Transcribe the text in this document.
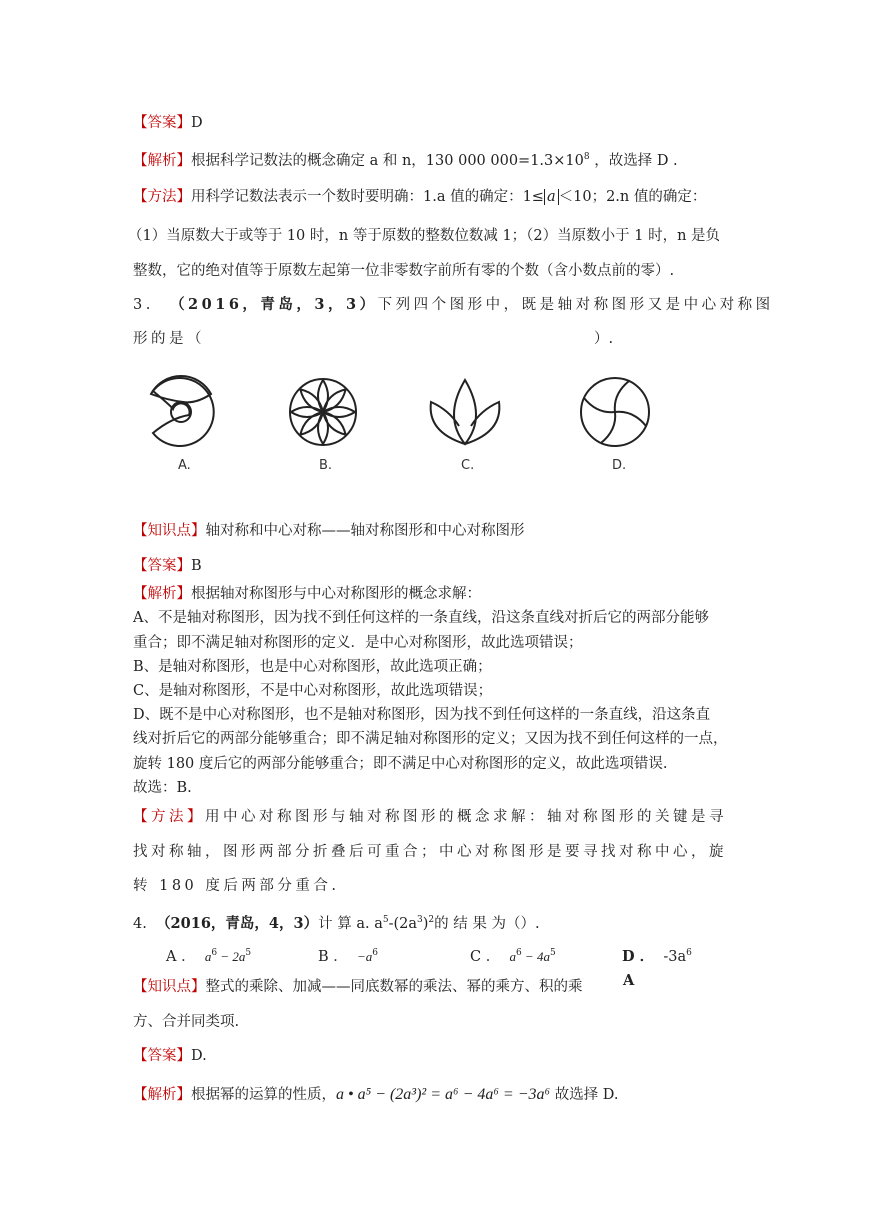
【答案】D
【解析】根据科学记数法的概念确定 a 和 n，130 000 $000=1.3\times 10^8$ ，故选择 D .
【方法】用科学记数法表示一个数时要明确：1.a 值的确定：1≤ a ＜10；2.n 值的确定：
（1）当原数大于或等于 10 时，n 等于原数的整数位数减 1；（2）当原数小于 1 时，n 是负
整数，它的绝对值等于原数左起第一位非零数字前所有零的个数（含小数点前的零）.
3. （2016，青岛，3，3）下列四个图形中，既是轴对称图形又是中心对称图
形的是（	）.
A.	B.	C.	D.
【知识点】轴对称和中心对称——轴对称图形和中心对称图形
【答案】B
【解析】根据轴对称图形与中心对称图形的概念求解：
A、不是轴对称图形，因为找不到任何这样的一条直线，沿这条直线对折后它的两部分能够
重合；即不满足轴对称图形的定义．是中心对称图形，故此选项错误；
B、是轴对称图形，也是中心对称图形，故此选项正确；
C、是轴对称图形，不是中心对称图形，故此选项错误；
D、既不是中心对称图形，也不是轴对称图形，因为找不到任何这样的一条直线，沿这条直
线对折后它的两部分能够重合；即不满足轴对称图形的定义；又因为找不到任何这样的一点，
旋转 180 度后它的两部分能够重合；即不满足中心对称图形的定义，故此选项错误.
故选：B.
【方法】用中心对称图形与轴对称图形的概念求解：轴对称图形的关键是寻
找对称轴，图形两部分折叠后可重合；中心对称图形是要寻找对称中心，旋
转 180 度后两部分重合.
4. （2016，青岛，4，3）计 算 a. $a^5-(2a^3)^2$的 结 果 为（）.
A ． $a^6 - 2a^5$	B ． $-a^6$	C ． $a^6 - 4a^5$	D ． $-3a^6$
【知识点】整式的乘除、加减——同底数幂的乘法、幂的乘方、积的乘	A
方、合并同类项.
【答案】D.
【解析】根据幂的运算的性质，a • a⁵ − (2a³)² = a⁶ − 4a⁶ = −3a⁶ 故选择 D.
